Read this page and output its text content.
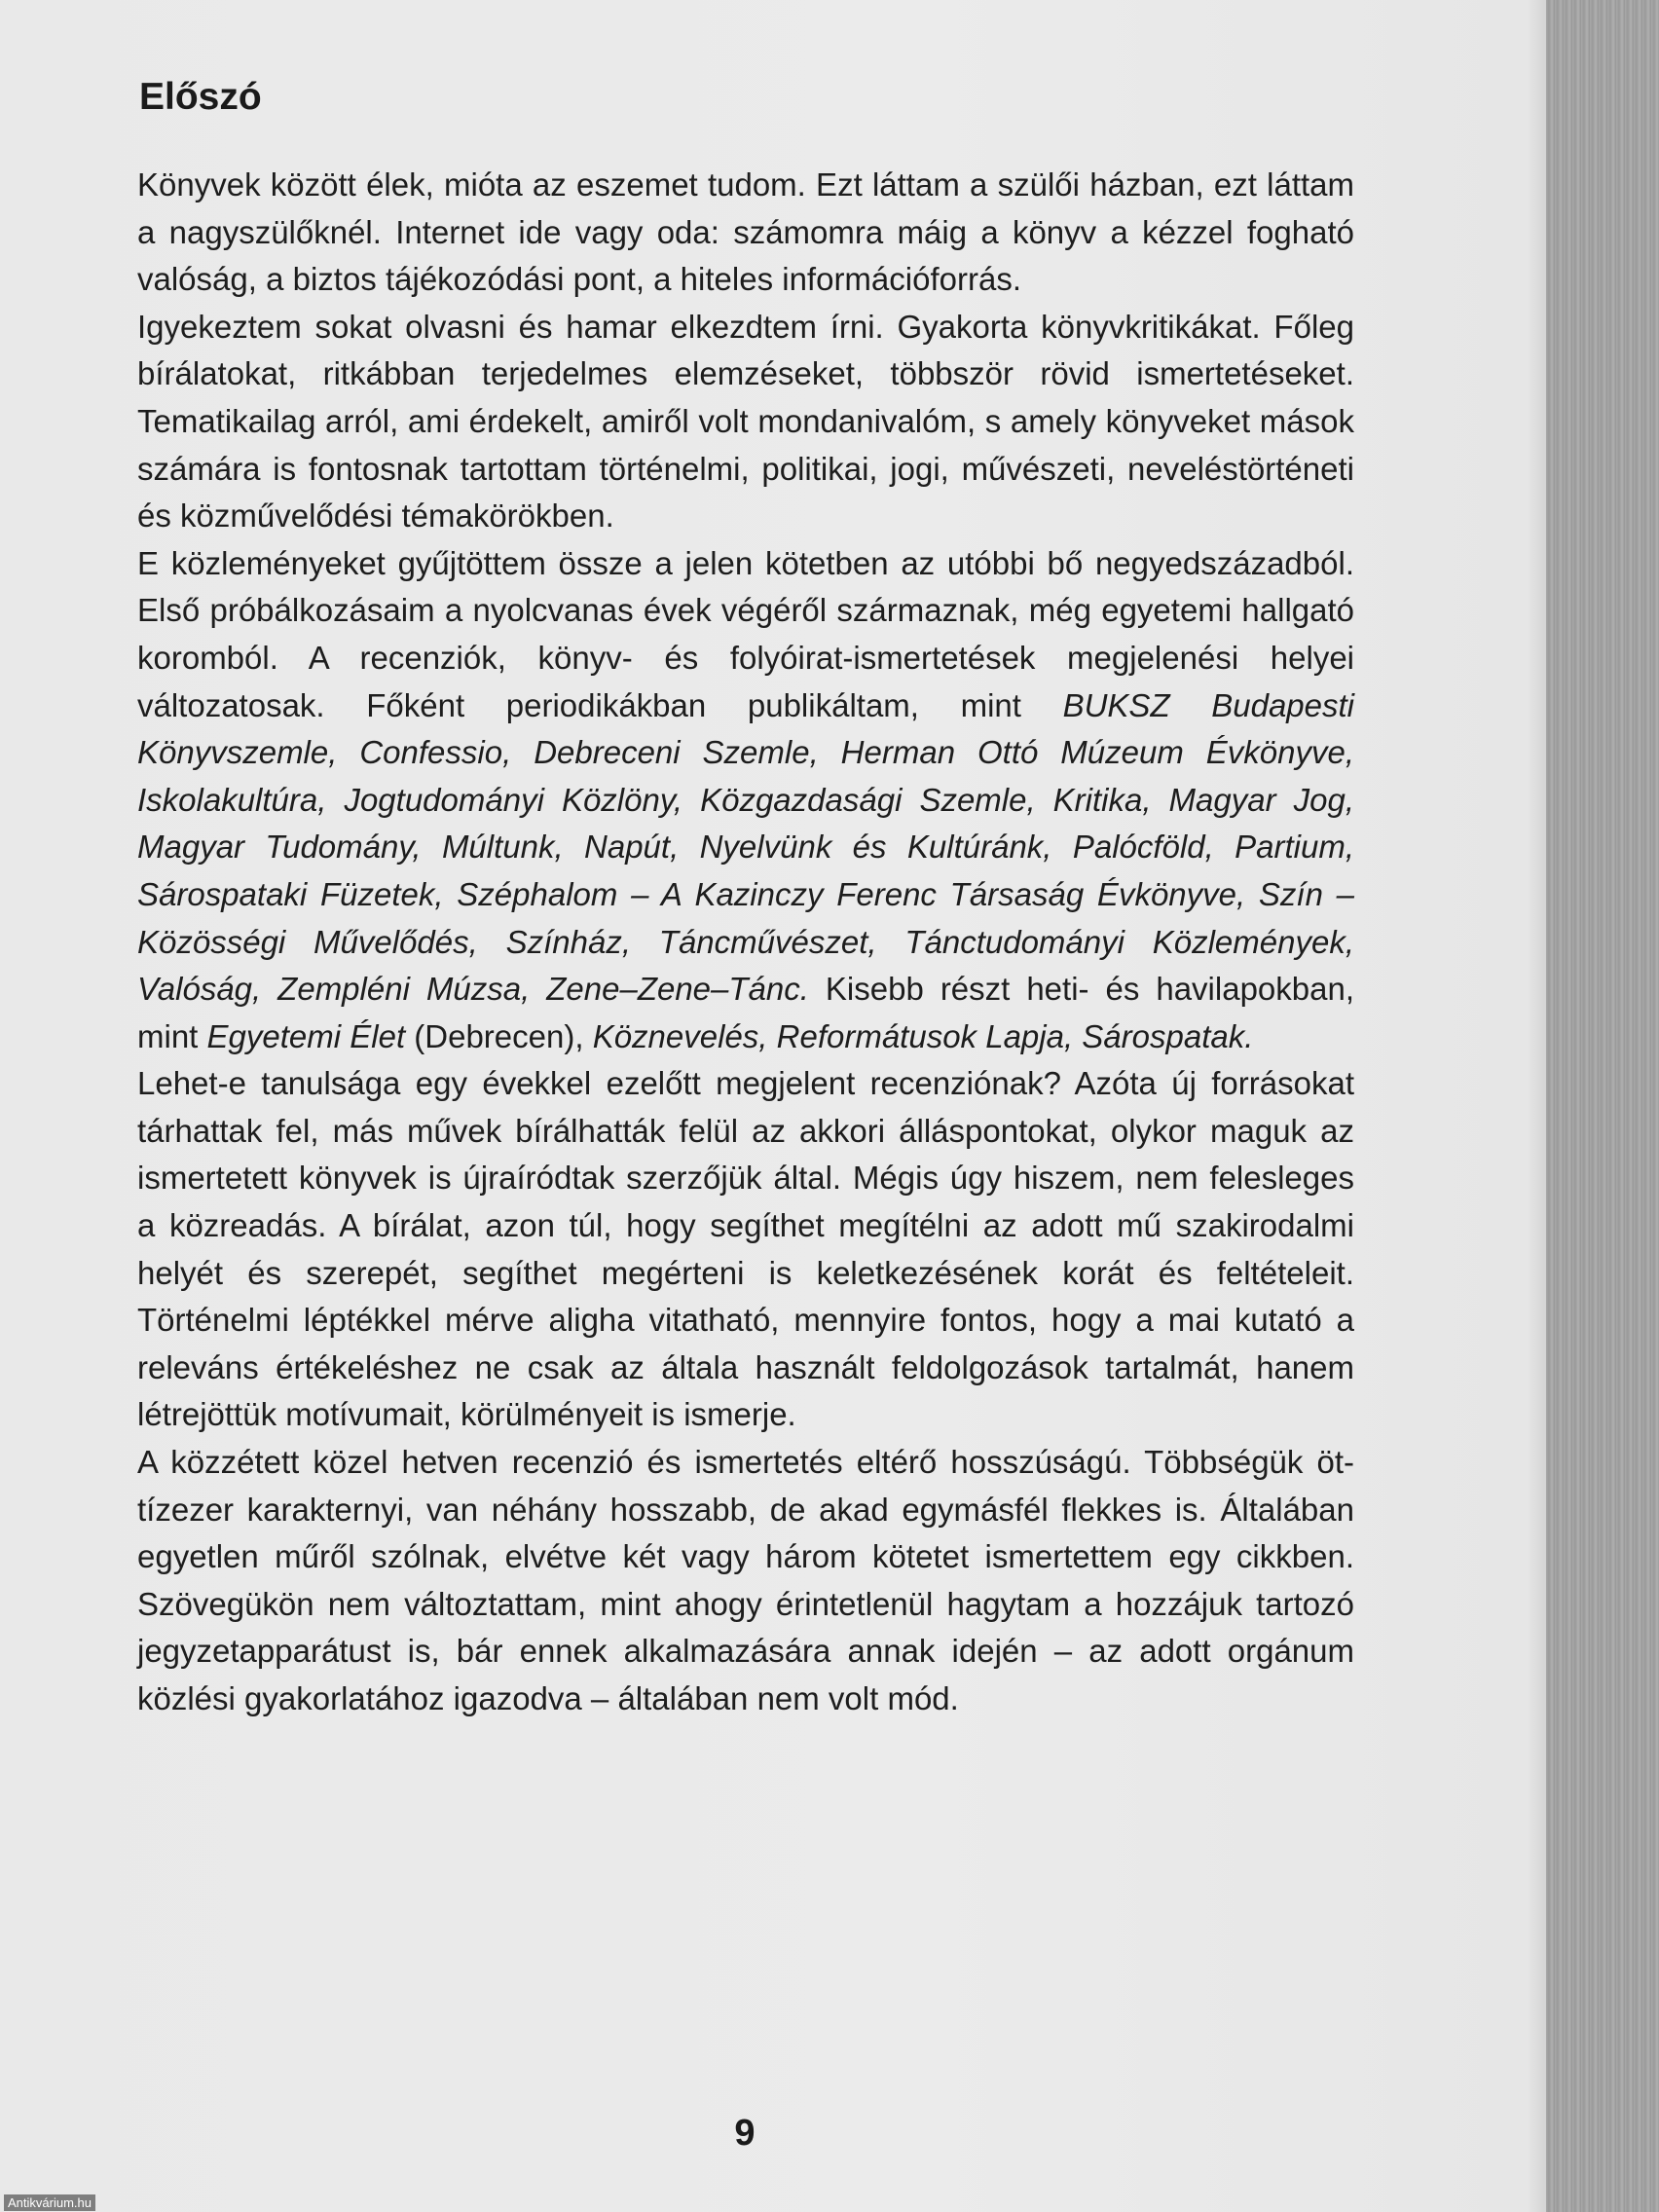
Előszó

Könyvek között élek, mióta az eszemet tudom. Ezt láttam a szülői házban, ezt láttam a nagyszülőknél. Internet ide vagy oda: számomra máig a könyv a kézzel fogható valóság, a biztos tájékozódási pont, a hiteles információforrás.

Igyekeztem sokat olvasni és hamar elkezdtem írni. Gyakorta könyvkritikákat. Főleg bírálatokat, ritkábban terjedelmes elemzéseket, többször rövid ismertetéseket. Tematikailag arról, ami érdekelt, amiről volt mondanivalóm, s amely könyveket mások számára is fontosnak tartottam történelmi, politikai, jogi, művészeti, neveléstörténeti és közművelődési témakörökben.

E közleményeket gyűjtöttem össze a jelen kötetben az utóbbi bő negyedszázadból. Első próbálkozásaim a nyolcvanas évek végéről származnak, még egyetemi hallgató koromból. A recenziók, könyv- és folyóirat-ismertetések megjelenési helyei változatosak. Főként periodikákban publikáltam, mint BUKSZ Budapesti Könyvszemle, Confessio, Debreceni Szemle, Herman Ottó Múzeum Évkönyve, Iskolakultúra, Jogtudományi Közlöny, Közgazdasági Szemle, Kritika, Magyar Jog, Magyar Tudomány, Múltunk, Napút, Nyelvünk és Kultúránk, Palócföld, Partium, Sárospataki Füzetek, Széphalom – A Kazinczy Ferenc Társaság Évkönyve, Szín – Közösségi Művelődés, Színház, Táncművészet, Tánctudományi Közlemények, Valóság, Zempléni Múzsa, Zene–Zene–Tánc. Kisebb részt heti- és havilapokban, mint Egyetemi Élet (Debrecen), Köznevelés, Reformátusok Lapja, Sárospatak.

Lehet-e tanulsága egy évekkel ezelőtt megjelent recenziónak? Azóta új forrásokat tárhattak fel, más művek bírálhatták felül az akkori álláspontokat, olykor maguk az ismertetett könyvek is újraíródtak szerzőjük által. Mégis úgy hiszem, nem felesleges a közreadás. A bírálat, azon túl, hogy segíthet megítélni az adott mű szakirodalmi helyét és szerepét, segíthet megérteni is keletkezésének korát és feltételeit. Történelmi léptékkel mérve aligha vitatható, mennyire fontos, hogy a mai kutató a releváns értékeléshez ne csak az általa használt feldolgozások tartalmát, hanem létrejöttük motívumait, körülményeit is ismerje.

A közzétett közel hetven recenzió és ismertetés eltérő hosszúságú. Többségük öt-tízezer karakternyi, van néhány hosszabb, de akad egymásfél flekkes is. Általában egyetlen műről szólnak, elvétve két vagy három kötetet ismertettem egy cikkben. Szövegükön nem változtattam, mint ahogy érintetlenül hagytam a hozzájuk tartozó jegyzetapparátust is, bár ennek alkalmazására annak idején – az adott orgánum közlési gyakorlatához igazodva – általában nem volt mód.

9
Antikvárium.hu
